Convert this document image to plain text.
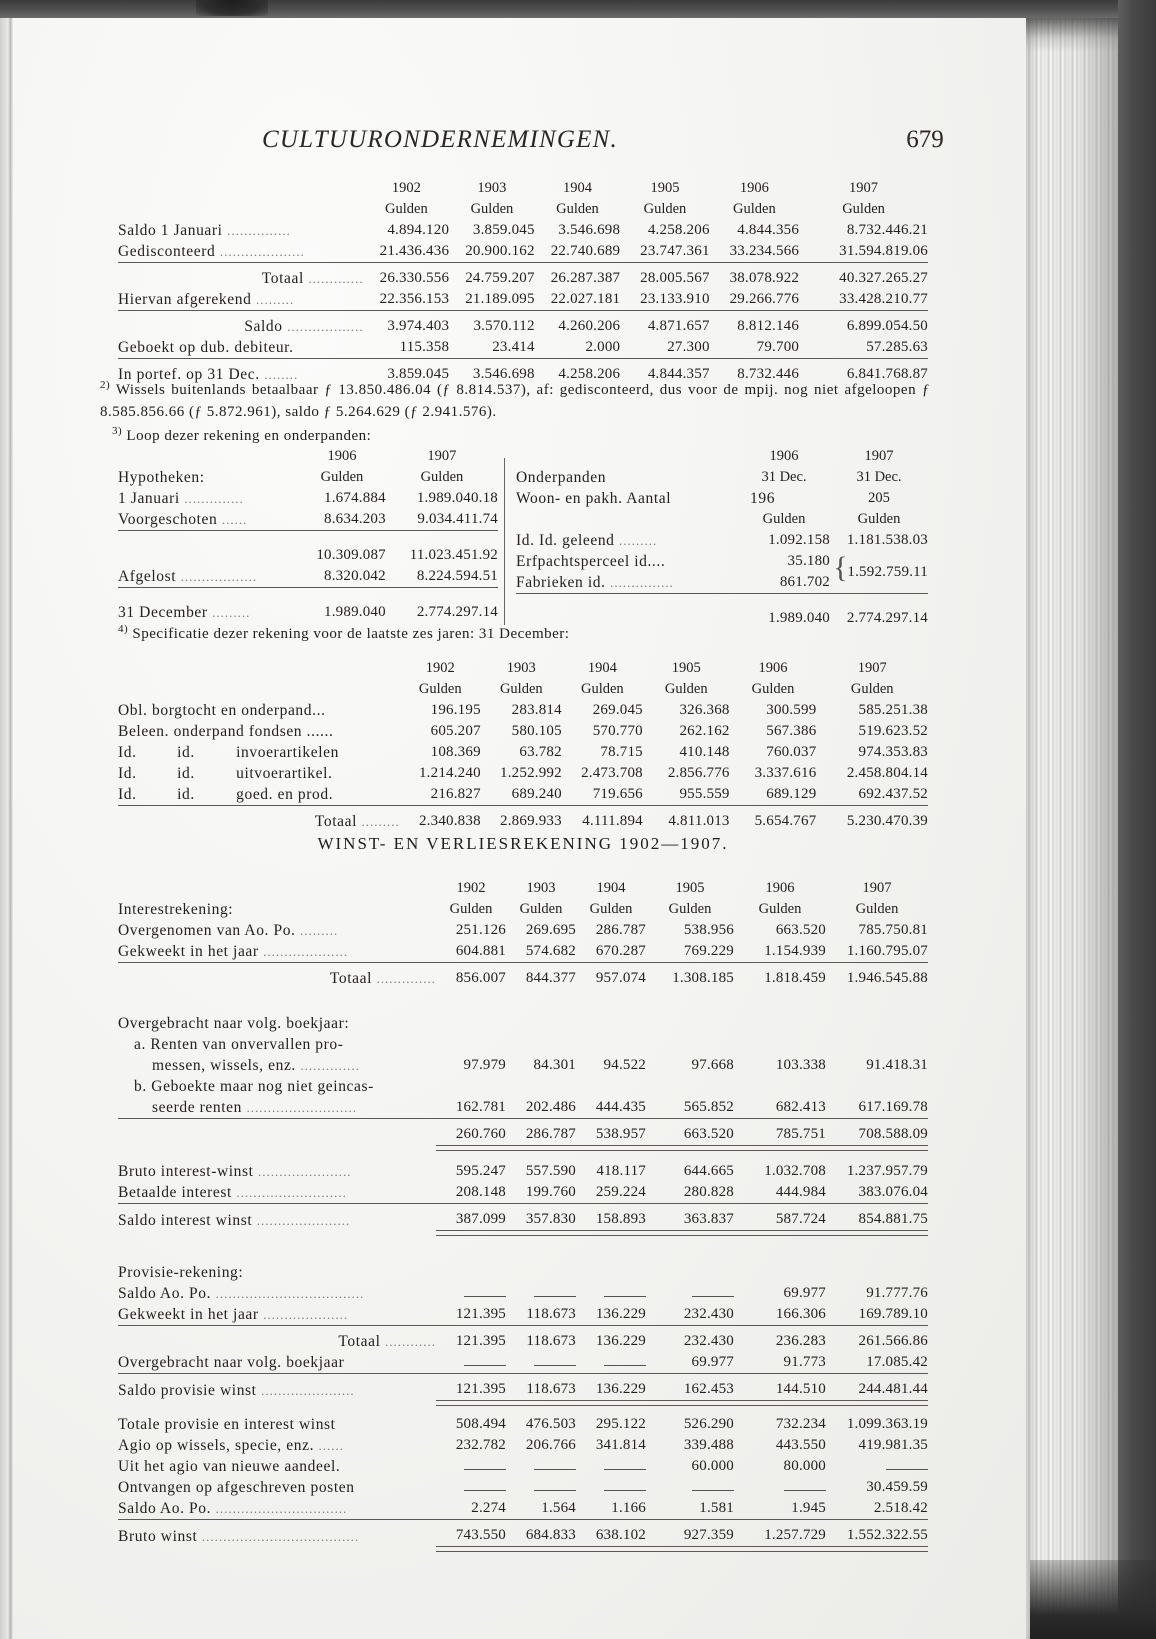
CULTUURONDERNEMINGEN.	679
	1902	1903	1904	1905	1906	1907
	Gulden	Gulden	Gulden	Gulden	Gulden	Gulden
Saldo 1 Januari ...............	4.894.120	3.859.045	3.546.698	4.258.206	4.844.356	8.732.446.21
Gedisconteerd ....................	21.436.436	20.900.162	22.740.689	23.747.361	33.234.566	31.594.819.06

Totaal .............	26.330.556	24.759.207	26.287.387	28.005.567	38.078.922	40.327.265.27
Hiervan afgerekend .........	22.356.153	21.189.095	22.027.181	23.133.910	29.266.776	33.428.210.77

Saldo ..................	3.974.403	3.570.112	4.260.206	4.871.657	8.812.146	6.899.054.50
Geboekt op dub. debiteur.	115.358	23.414	2.000	27.300	79.700	57.285.63

In portef. op 31 Dec. ........	3.859.045	3.546.698	4.258.206	4.844.357	8.732.446	6.841.768.87
$^{2)}$ Wissels buitenlands betaalbaar ƒ 13.850.486.04 (ƒ 8.814.537), af: gedisconteerd, dus voor de mpij. nog niet afgeloopen ƒ 8.585.856.66 (ƒ 5.872.961), saldo ƒ 5.264.629 (ƒ 2.941.576).
$^{3)}$ Loop dezer rekening en onderpanden:
	1906	1907
Hypotheken:	Gulden	Gulden
1 Januari ..............	1.674.884	1.989.040.18
Voorgeschoten ......	8.634.203	9.034.411.74

	10.309.087	11.023.451.92
Afgelost ..................	8.320.042	8.224.594.51

31 December .........	1.989.040	2.774.297.14
	1906	1907
Onderpanden	31 Dec.	31 Dec.
Woon- en pakh. Aantal	196	205
	Gulden	Gulden
Id. Id. geleend .........	1.092.158	1.181.538.03
Erfpachtsperceel id....	35.180	{ 1.592.759.11
Fabrieken id. ...............	861.702	

	1.989.040	2.774.297.14
$^{4)}$ Specificatie dezer rekening voor de laatste zes jaren: 31 December:
			1902	1903	1904	1905	1906	1907
			Gulden	Gulden	Gulden	Gulden	Gulden	Gulden
Obl. borgtocht en onderpand...			196.195	283.814	269.045	326.368	300.599	585.251.38
Beleen. onderpand fondsen ......			605.207	580.105	570.770	262.162	567.386	519.623.52
Id.	id.	invoerartikelen	108.369	63.782	78.715	410.148	760.037	974.353.83
Id.	id.	uitvoerartikel.	1.214.240	1.252.992	2.473.708	2.856.776	3.337.616	2.458.804.14
Id.	id.	goed. en prod.	216.827	689.240	719.656	955.559	689.129	692.437.52

Totaal .........			2.340.838	2.869.933	4.111.894	4.811.013	5.654.767	5.230.470.39
WINST- EN VERLIESREKENING 1902—1907.
	1902	1903	1904	1905	1906	1907
Interestrekening:	Gulden	Gulden	Gulden	Gulden	Gulden	Gulden
Overgenomen van Ao. Po. .........	251.126	269.695	286.787	538.956	663.520	785.750.81
Gekweekt in het jaar ....................	604.881	574.682	670.287	769.229	1.154.939	1.160.795.07

Totaal ..............	856.007	844.377	957.074	1.308.185	1.818.459	1.946.545.88

Overgebracht naar volg. boekjaar:						
a. Renten van onvervallen pro-						
messen, wissels, enz. ..............	97.979	84.301	94.522	97.668	103.338	91.418.31
b. Geboekte maar nog niet geincas-						
seerde renten ..........................	162.781	202.486	444.435	565.852	682.413	617.169.78

	260.760	286.787	538.957	663.520	785.751	708.588.09

Bruto interest-winst ......................	595.247	557.590	418.117	644.665	1.032.708	1.237.957.79
Betaalde interest ..........................	208.148	199.760	259.224	280.828	444.984	383.076.04

Saldo interest winst ......................	387.099	357.830	158.893	363.837	587.724	854.881.75

Provisie-rekening:						
Saldo Ao. Po. ...................................					69.977	91.777.76
Gekweekt in het jaar ....................	121.395	118.673	136.229	232.430	166.306	169.789.10

Totaal ............	121.395	118.673	136.229	232.430	236.283	261.566.86
Overgebracht naar volg. boekjaar				69.977	91.773	17.085.42

Saldo provisie winst ......................	121.395	118.673	136.229	162.453	144.510	244.481.44

Totale provisie en interest winst	508.494	476.503	295.122	526.290	732.234	1.099.363.19
Agio op wissels, specie, enz. ......	232.782	206.766	341.814	339.488	443.550	419.981.35
Uit het agio van nieuwe aandeel.				60.000	80.000	
Ontvangen op afgeschreven posten						30.459.59
Saldo Ao. Po. ...............................	2.274	1.564	1.166	1.581	1.945	2.518.42

Bruto winst .....................................	743.550	684.833	638.102	927.359	1.257.729	1.552.322.55
